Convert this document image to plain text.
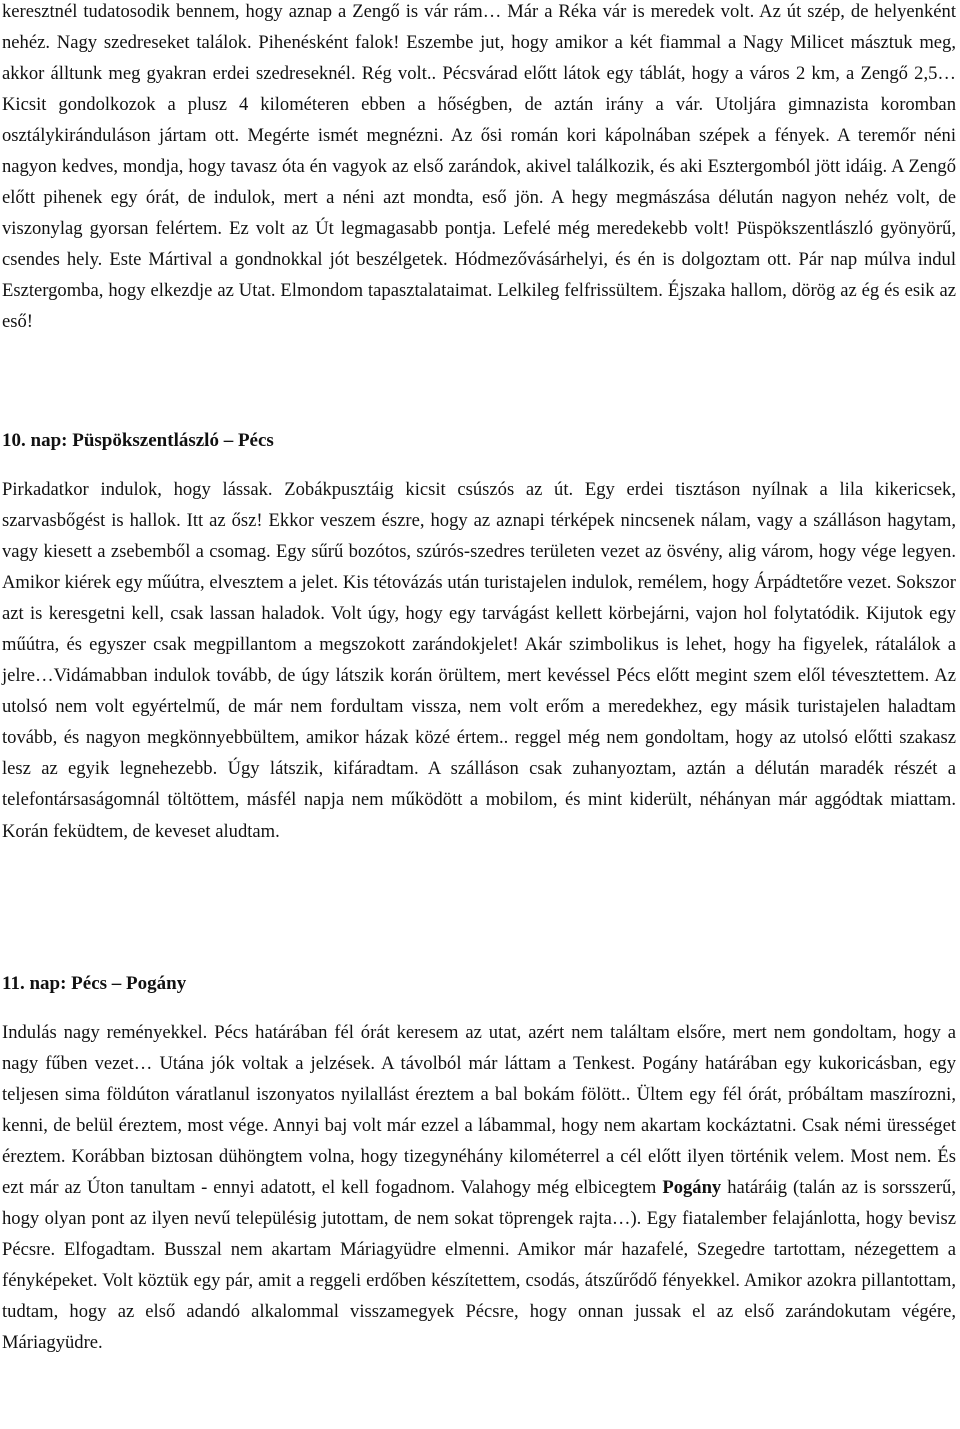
keresztnél tudatosodik bennem, hogy aznap a Zengő is vár rám… Már a Réka vár is meredek volt. Az út szép, de helyenként nehéz. Nagy szedreseket találok. Pihenésként falok! Eszembe jut, hogy amikor a két fiammal a Nagy Milicet másztuk meg, akkor álltunk meg gyakran erdei szedreseknél. Rég volt.. Pécsvárad előtt látok egy táblát, hogy a város 2 km, a Zengő 2,5… Kicsit gondolkozok a plusz 4 kilométeren ebben a hőségben, de aztán irány a vár. Utoljára gimnazista koromban osztálykiránduláson jártam ott. Megérte ismét megnézni. Az ősi román kori kápolnában szépek a fények. A teremőr néni nagyon kedves, mondja, hogy tavasz óta én vagyok az első zarándok, akivel találkozik, és aki Esztergomból jött idáig. A Zengő előtt pihenek egy órát, de indulok, mert a néni azt mondta, eső jön. A hegy megmászása délután nagyon nehéz volt, de viszonylag gyorsan felértem. Ez volt az Út legmagasabb pontja. Lefelé még meredekebb volt! Püspökszentlászló gyönyörű, csendes hely. Este Mártival a gondnokkal jót beszélgetek. Hódmezővásárhelyi, és én is dolgoztam ott. Pár nap múlva indul Esztergomba, hogy elkezdje az Utat. Elmondom tapasztalataimat. Lelkileg felfrissültem. Éjszaka hallom, dörög az ég és esik az eső!

10. nap: Püspökszentlászló – Pécs

Pirkadatkor indulok, hogy lássak. Zobákpusztáig kicsit csúszós az út. Egy erdei tisztáson nyílnak a lila kikericsek, szarvasbőgést is hallok. Itt az ősz! Ekkor veszem észre, hogy az aznapi térképek nincsenek nálam, vagy a szálláson hagytam, vagy kiesett a zsebemből a csomag. Egy sűrű bozótos, szúrós-szedres területen vezet az ösvény, alig várom, hogy vége legyen. Amikor kiérek egy műútra, elvesztem a jelet. Kis tétovázás után turistajelen indulok, remélem, hogy Árpádtetőre vezet. Sokszor azt is keresgetni kell, csak lassan haladok. Volt úgy, hogy egy tarvágást kellett körbejárni, vajon hol folytatódik. Kijutok egy műútra, és egyszer csak megpillantom a megszokott zarándokjelet! Akár szimbolikus is lehet, hogy ha figyelek, rátalálok a jelre…Vidámabban indulok tovább, de úgy látszik korán örültem, mert kevéssel Pécs előtt megint szem elől tévesztettem. Az utolsó nem volt egyértelmű, de már nem fordultam vissza, nem volt erőm a meredekhez, egy másik turistajelen haladtam tovább, és nagyon megkönnyebbültem, amikor házak közé értem.. reggel még nem gondoltam, hogy az utolsó előtti szakasz lesz az egyik legnehezebb. Úgy látszik, kifáradtam. A szálláson csak zuhanyoztam, aztán a délután maradék részét a telefontársaságomnál töltöttem, másfél napja nem működött a mobilom, és mint kiderült, néhányan már aggódtak miattam. Korán feküdtem, de keveset aludtam.

11. nap: Pécs – Pogány

Indulás nagy reményekkel. Pécs határában fél órát keresem az utat, azért nem találtam elsőre, mert nem gondoltam, hogy a nagy fűben vezet… Utána jók voltak a jelzések. A távolból már láttam a Tenkest. Pogány határában egy kukoricásban, egy teljesen sima földúton váratlanul iszonyatos nyilallást éreztem a bal bokám fölött.. Ültem egy fél órát, próbáltam maszírozni, kenni, de belül éreztem, most vége. Annyi baj volt már ezzel a lábammal, hogy nem akartam kockáztatni. Csak némi ürességet éreztem. Korábban biztosan dühöngtem volna, hogy tizegynéhány kilométerrel a cél előtt ilyen történik velem. Most nem. És ezt már az Úton tanultam - ennyi adatott, el kell fogadnom. Valahogy még elbicegtem Pogány határáig (talán az is sorsszerű, hogy olyan pont az ilyen nevű településig jutottam, de nem sokat töprengek rajta…). Egy fiatalember felajánlotta, hogy bevisz Pécsre. Elfogadtam. Busszal nem akartam Máriagyüdre elmenni. Amikor már hazafelé, Szegedre tartottam, nézegettem a fényképeket. Volt köztük egy pár, amit a reggeli erdőben készítettem, csodás, átszűrődő fényekkel. Amikor azokra pillantottam, tudtam, hogy az első adandó alkalommal visszamegyek Pécsre, hogy onnan jussak el az első zarándokutam végére, Máriagyüdre.
